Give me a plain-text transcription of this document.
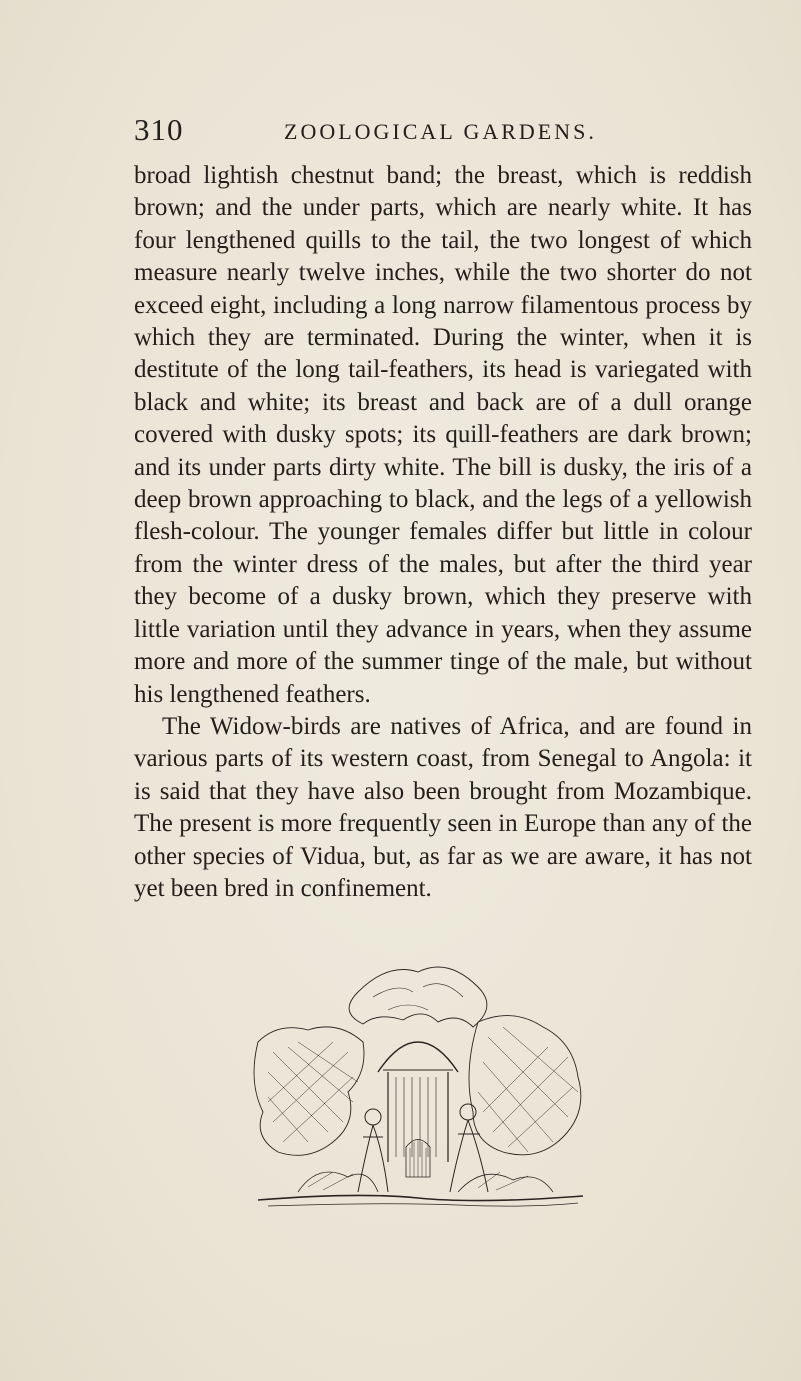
310	ZOOLOGICAL GARDENS.

broad lightish chestnut band; the breast, which is reddish brown; and the under parts, which are nearly white. It has four lengthened quills to the tail, the two longest of which measure nearly twelve inches, while the two shorter do not exceed eight, including a long narrow filamentous process by which they are terminated. During the winter, when it is destitute of the long tail-feathers, its head is variegated with black and white; its breast and back are of a dull orange covered with dusky spots; its quill-feathers are dark brown; and its under parts dirty white. The bill is dusky, the iris of a deep brown approaching to black, and the legs of a yellowish flesh-colour. The younger females differ but little in colour from the winter dress of the males, but after the third year they become of a dusky brown, which they preserve with little variation until they advance in years, when they assume more and more of the summer tinge of the male, but without his lengthened feathers.

The Widow-birds are natives of Africa, and are found in various parts of its western coast, from Senegal to Angola: it is said that they have also been brought from Mozambique. The present is more frequently seen in Europe than any of the other species of Vidua, but, as far as we are aware, it has not yet been bred in confinement.
